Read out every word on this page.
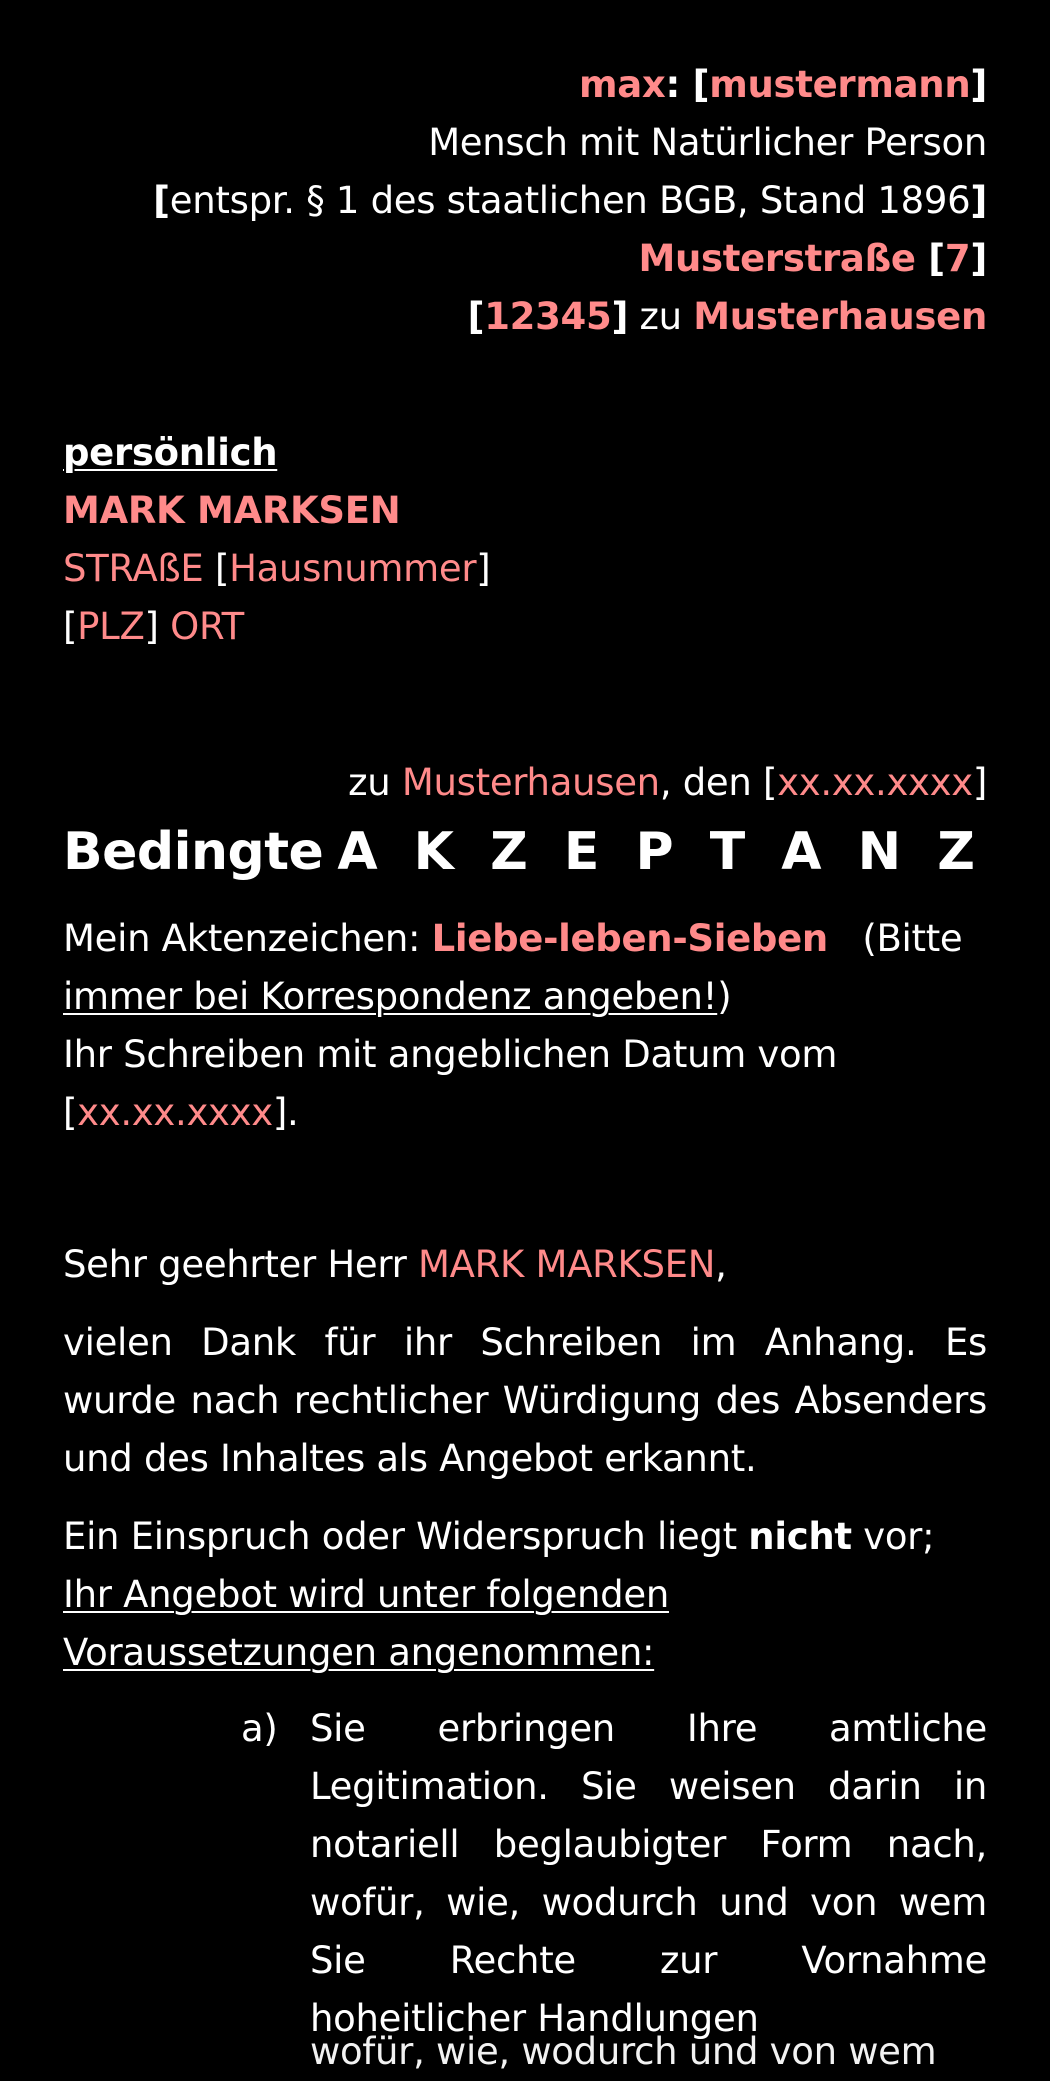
max: [mustermann]
Mensch mit Natürlicher Person
[entspr. § 1 des staatlichen BGB, Stand 1896]
Musterstraße [7]
[12345] zu Musterhausen
persönlich
MARK MARKSEN
STRAßE [Hausnummer]
[PLZ] ORT
zu Musterhausen, den [xx.xx.xxxx]
Bedingte A K Z E P T A N Z
Mein Aktenzeichen: Liebe-leben-Sieben   (Bitte
immer bei Korrespondenz angeben!)
Ihr Schreiben mit angeblichen Datum vom
[xx.xx.xxxx].
Sehr geehrter Herr MARK MARKSEN,
vielen Dank für ihr Schreiben im Anhang. Es wurde nach rechtlicher Würdigung des Absenders und des Inhaltes als Angebot erkannt.
Ein Einspruch oder Widerspruch liegt nicht vor;
Ihr Angebot wird unter folgenden Voraussetzungen angenommen:
a) Sie erbringen Ihre amtliche Legitimation. Sie weisen darin in notariell beglaubigter Form nach, wofür, wie, wodurch und von wem Sie Rechte zur Vornahme hoheitlicher Handlungen
wofür, wie, wodurch und von wem
